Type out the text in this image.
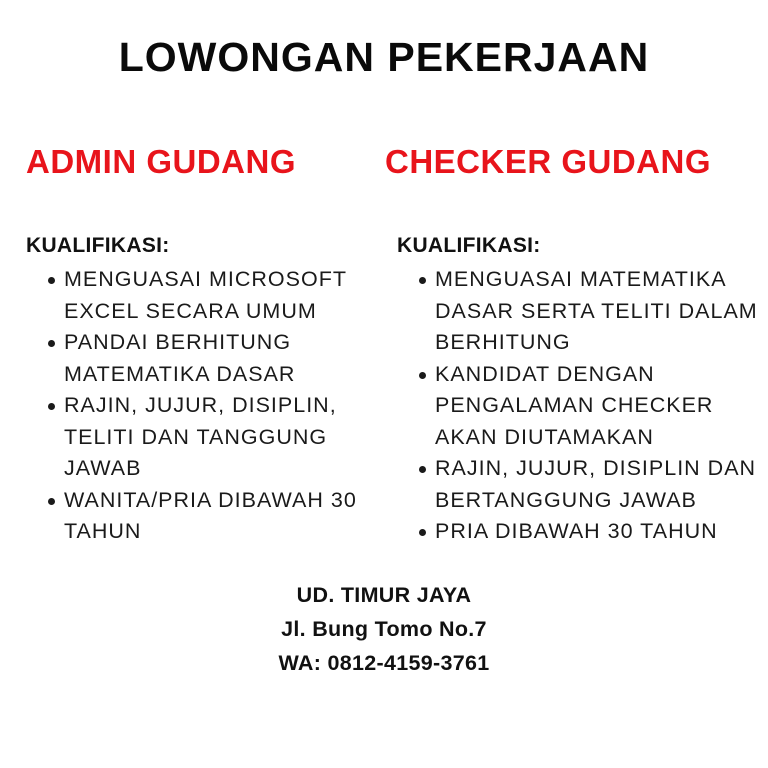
LOWONGAN PEKERJAAN
ADMIN GUDANG
KUALIFIKASI:
MENGUASAI MICROSOFT EXCEL SECARA UMUM
PANDAI BERHITUNG MATEMATIKA DASAR
RAJIN, JUJUR, DISIPLIN, TELITI DAN TANGGUNG JAWAB
WANITA/PRIA DIBAWAH 30 TAHUN
CHECKER GUDANG
KUALIFIKASI:
MENGUASAI MATEMATIKA DASAR SERTA TELITI DALAM BERHITUNG
KANDIDAT DENGAN PENGALAMAN CHECKER AKAN DIUTAMAKAN
RAJIN, JUJUR, DISIPLIN DAN BERTANGGUNG JAWAB
PRIA DIBAWAH 30 TAHUN
UD. TIMUR JAYA
Jl. Bung Tomo No.7
WA: 0812-4159-3761
